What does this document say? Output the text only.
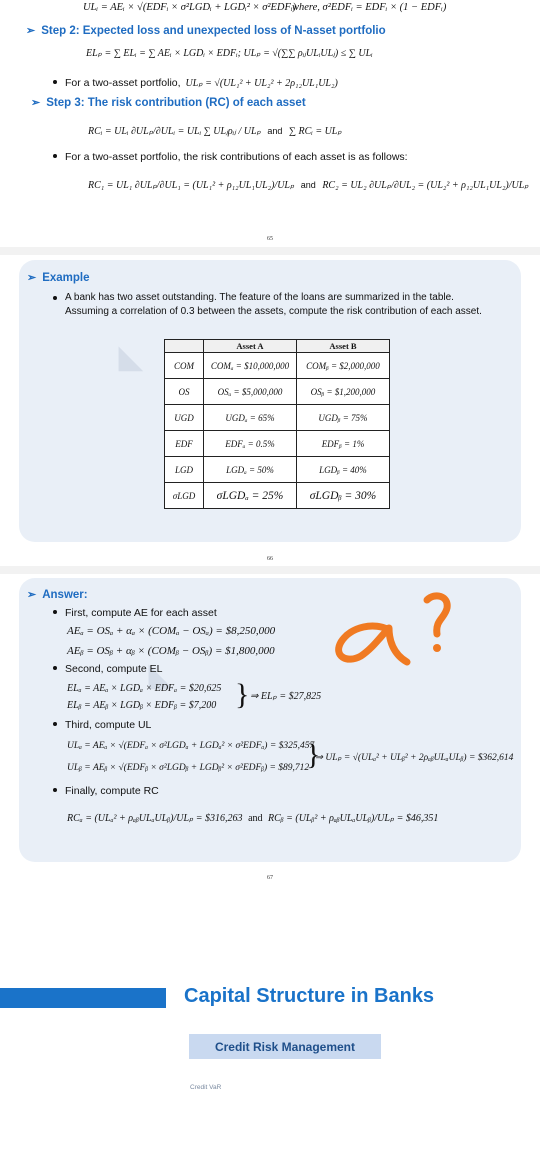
ULᵢ = AEᵢ × √(EDFᵢ × σ²LGDᵢ + LGDᵢ² × σ²EDFᵢ)
where, σ²EDFᵢ = EDFᵢ × (1 − EDFᵢ)
➢ Step 2: Expected loss and unexpected loss of N-asset portfolio
ELₚ = ∑ ELᵢ = ∑ AEᵢ × LGDᵢ × EDFᵢ; ULₚ = √(∑∑ ρᵢⱼULᵢULⱼ) ≤ ∑ ULᵢ
For a two-asset portfolio, ULₚ = √(UL₁² + UL₂² + 2ρ₁₂UL₁UL₂)
➢ Step 3: The risk contribution (RC) of each asset
RCᵢ = ULᵢ ∂ULₚ/∂ULᵢ = ULᵢ ∑ ULⱼρᵢⱼ / ULₚ and ∑ RCᵢ = ULₚ
For a two-asset portfolio, the risk contributions of each asset is as follows:
RC₁ = UL₁ ∂ULₚ/∂UL₁ = (UL₁² + ρ₁₂UL₁UL₂)/ULₚ and RC₂ = UL₂ ∂ULₚ/∂UL₂ = (UL₂² + ρ₁₂UL₁UL₂)/ULₚ
65
◣
➢ Example
A bank has two asset outstanding. The feature of the loans are summarized in the table. Assuming a correlation of 0.3 between the assets, compute the risk contribution of each asset.
	Asset A	Asset B
COM	COMₐ = $10,000,000	COMᵦ = $2,000,000
OS	OSₐ = $5,000,000	OSᵦ = $1,200,000
UGD	UGDₐ = 65%	UGDᵦ = 75%
EDF	EDFₐ = 0.5%	EDFᵦ = 1%
LGD	LGDₐ = 50%	LGDᵦ = 40%
σLGD	σLGDₐ = 25%	σLGDᵦ = 30%
66
◣
➢ Answer:
First, compute AE for each asset
AEₐ = OSₐ + αₐ × (COMₐ − OSₐ) = $8,250,000
AEᵦ = OSᵦ + αᵦ × (COMᵦ − OSᵦ) = $1,800,000
Second, compute EL
ELₐ = AEₐ × LGDₐ × EDFₐ = $20,625
ELᵦ = AEᵦ × LGDᵦ × EDFᵦ = $7,200 } ⇒ ELₚ = $27,825
Third, compute UL
ULₐ = AEₐ × √(EDFₐ × σ²LGDₐ + LGDₐ² × σ²EDFₐ) = $325,457
ULᵦ = AEᵦ × √(EDFᵦ × σ²LGDᵦ + LGDᵦ² × σ²EDFᵦ) = $89,712
}
⇒ ULₚ = √(ULₐ² + ULᵦ² + 2ρₐᵦULₐULᵦ) = $362,614
Finally, compute RC
RCₐ = (ULₐ² + ρₐᵦULₐULᵦ)/ULₚ = $316,263 and RCᵦ = (ULᵦ² + ρₐᵦULₐULᵦ)/ULₚ = $46,351
67
Capital Structure in Banks
Credit Risk Management
Credit VaR
